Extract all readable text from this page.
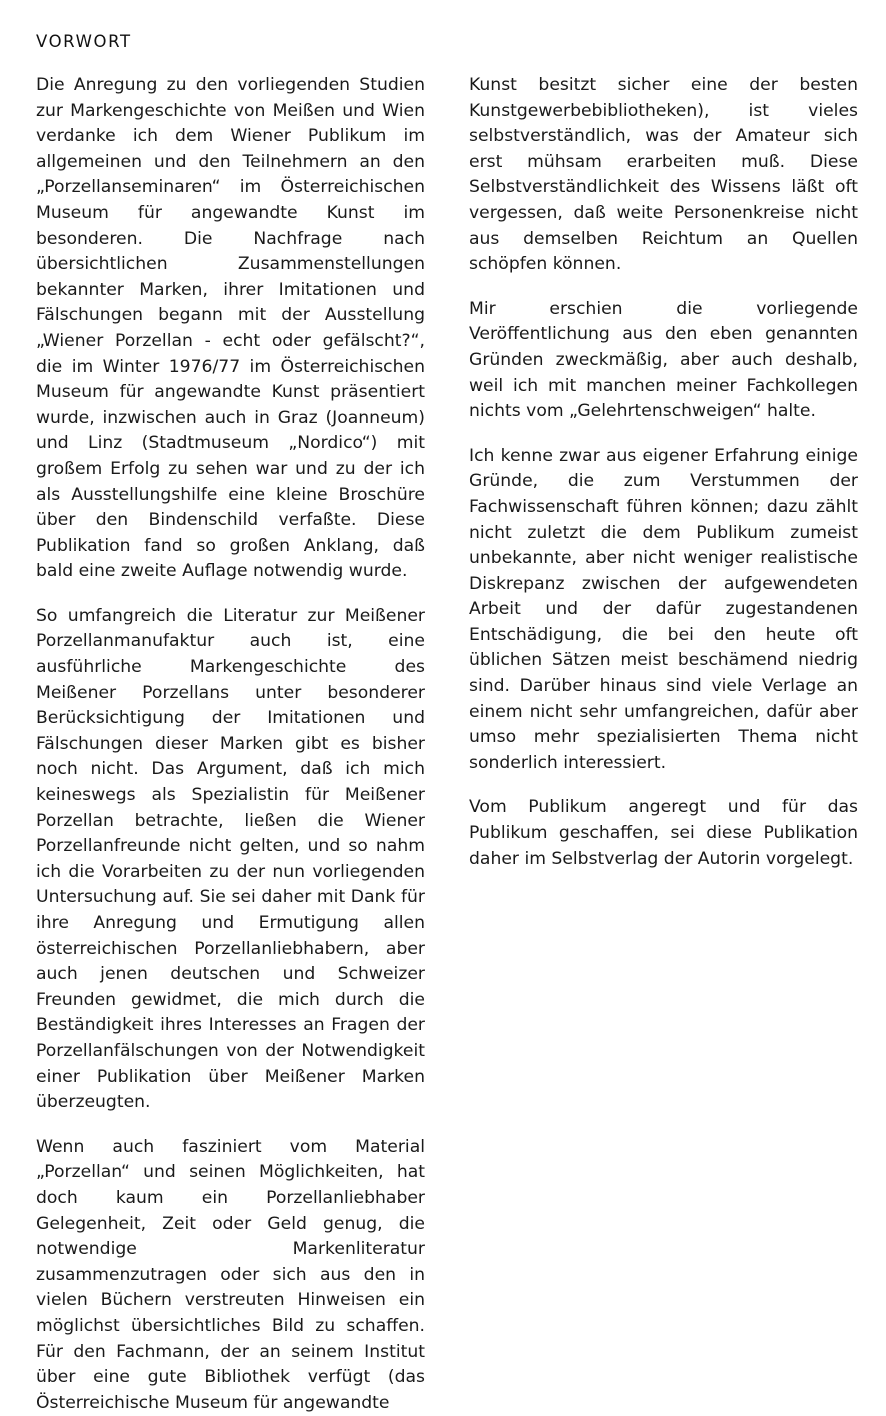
VORWORT

Die Anregung zu den vorliegenden Studien zur Markengeschichte von Meißen und Wien verdanke ich dem Wiener Publikum im allgemeinen und den Teilnehmern an den „Porzellanseminaren“ im Österreichischen Museum für angewandte Kunst im besonderen. Die Nachfrage nach übersichtlichen Zusammenstellungen bekannter Marken, ihrer Imitationen und Fälschungen begann mit der Ausstellung „Wiener Porzellan - echt oder gefälscht?“, die im Winter 1976/77 im Österreichischen Museum für angewandte Kunst präsentiert wurde, inzwischen auch in Graz (Joanneum) und Linz (Stadtmuseum „Nordico“) mit großem Erfolg zu sehen war und zu der ich als Ausstellungshilfe eine kleine Broschüre über den Bindenschild verfaßte. Diese Publikation fand so großen Anklang, daß bald eine zweite Auflage notwendig wurde.

So umfangreich die Literatur zur Meißener Porzellanmanufaktur auch ist, eine ausführliche Markengeschichte des Meißener Porzellans unter besonderer Berücksichtigung der Imitationen und Fälschungen dieser Marken gibt es bisher noch nicht. Das Argument, daß ich mich keineswegs als Spezialistin für Meißener Porzellan betrachte, ließen die Wiener Porzellanfreunde nicht gelten, und so nahm ich die Vorarbeiten zu der nun vorliegenden Untersuchung auf. Sie sei daher mit Dank für ihre Anregung und Ermutigung allen österreichischen Porzellanliebhabern, aber auch jenen deutschen und Schweizer Freunden gewidmet, die mich durch die Beständigkeit ihres Interesses an Fragen der Porzellanfälschungen von der Notwendigkeit einer Publikation über Meißener Marken überzeugten.

Wenn auch fasziniert vom Material „Porzellan“ und seinen Möglichkeiten, hat doch kaum ein Porzellanliebhaber Gelegenheit, Zeit oder Geld genug, die notwendige Markenliteratur zusammenzutragen oder sich aus den in vielen Büchern verstreuten Hinweisen ein möglichst übersichtliches Bild zu schaffen. Für den Fachmann, der an seinem Institut über eine gute Bibliothek verfügt (das Österreichische Museum für angewandte

Kunst besitzt sicher eine der besten Kunstgewerbebibliotheken), ist vieles selbstverständlich, was der Amateur sich erst mühsam erarbeiten muß. Diese Selbstverständlichkeit des Wissens läßt oft vergessen, daß weite Personenkreise nicht aus demselben Reichtum an Quellen schöpfen können.

Mir erschien die vorliegende Veröffentlichung aus den eben genannten Gründen zweckmäßig, aber auch deshalb, weil ich mit manchen meiner Fachkollegen nichts vom „Gelehrtenschweigen“ halte.

Ich kenne zwar aus eigener Erfahrung einige Gründe, die zum Verstummen der Fachwissenschaft führen können; dazu zählt nicht zuletzt die dem Publikum zumeist unbekannte, aber nicht weniger realistische Diskrepanz zwischen der aufgewendeten Arbeit und der dafür zugestandenen Entschädigung, die bei den heute oft üblichen Sätzen meist beschämend niedrig sind. Darüber hinaus sind viele Verlage an einem nicht sehr umfangreichen, dafür aber umso mehr spezialisierten Thema nicht sonderlich interessiert.

Vom Publikum angeregt und für das Publikum geschaffen, sei diese Publikation daher im Selbstverlag der Autorin vorgelegt.
